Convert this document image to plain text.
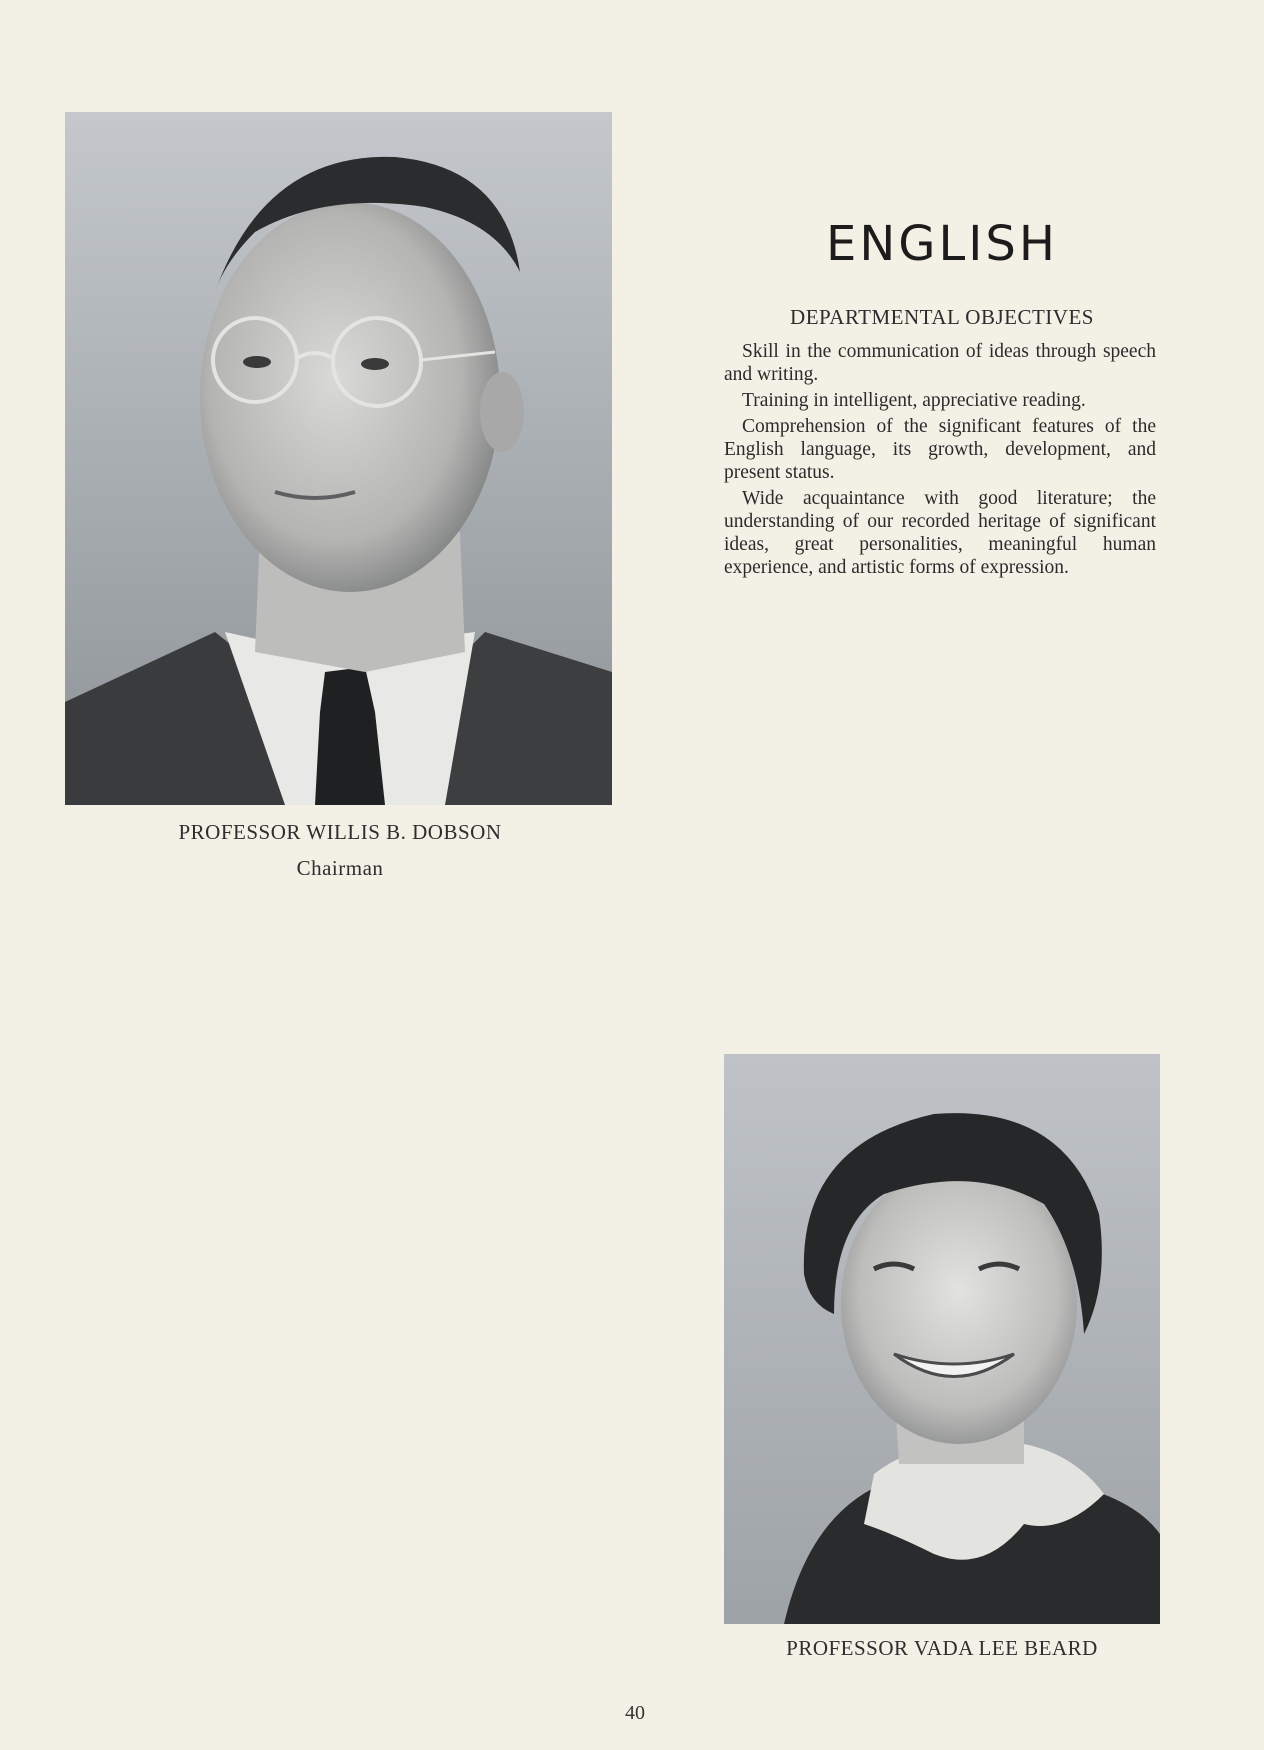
PROFESSOR WILLIS B. DOBSON
Chairman
ENGLISH
DEPARTMENTAL OBJECTIVES

Skill in the communication of ideas through speech and writing.

Training in intelligent, appreciative reading.

Comprehension of the significant features of the English language, its growth, development, and present status.

Wide acquaintance with good literature; the understanding of our recorded heritage of significant ideas, great personalities, meaningful human experience, and artistic forms of expression.

PROFESSOR VADA LEE BEARD
40
